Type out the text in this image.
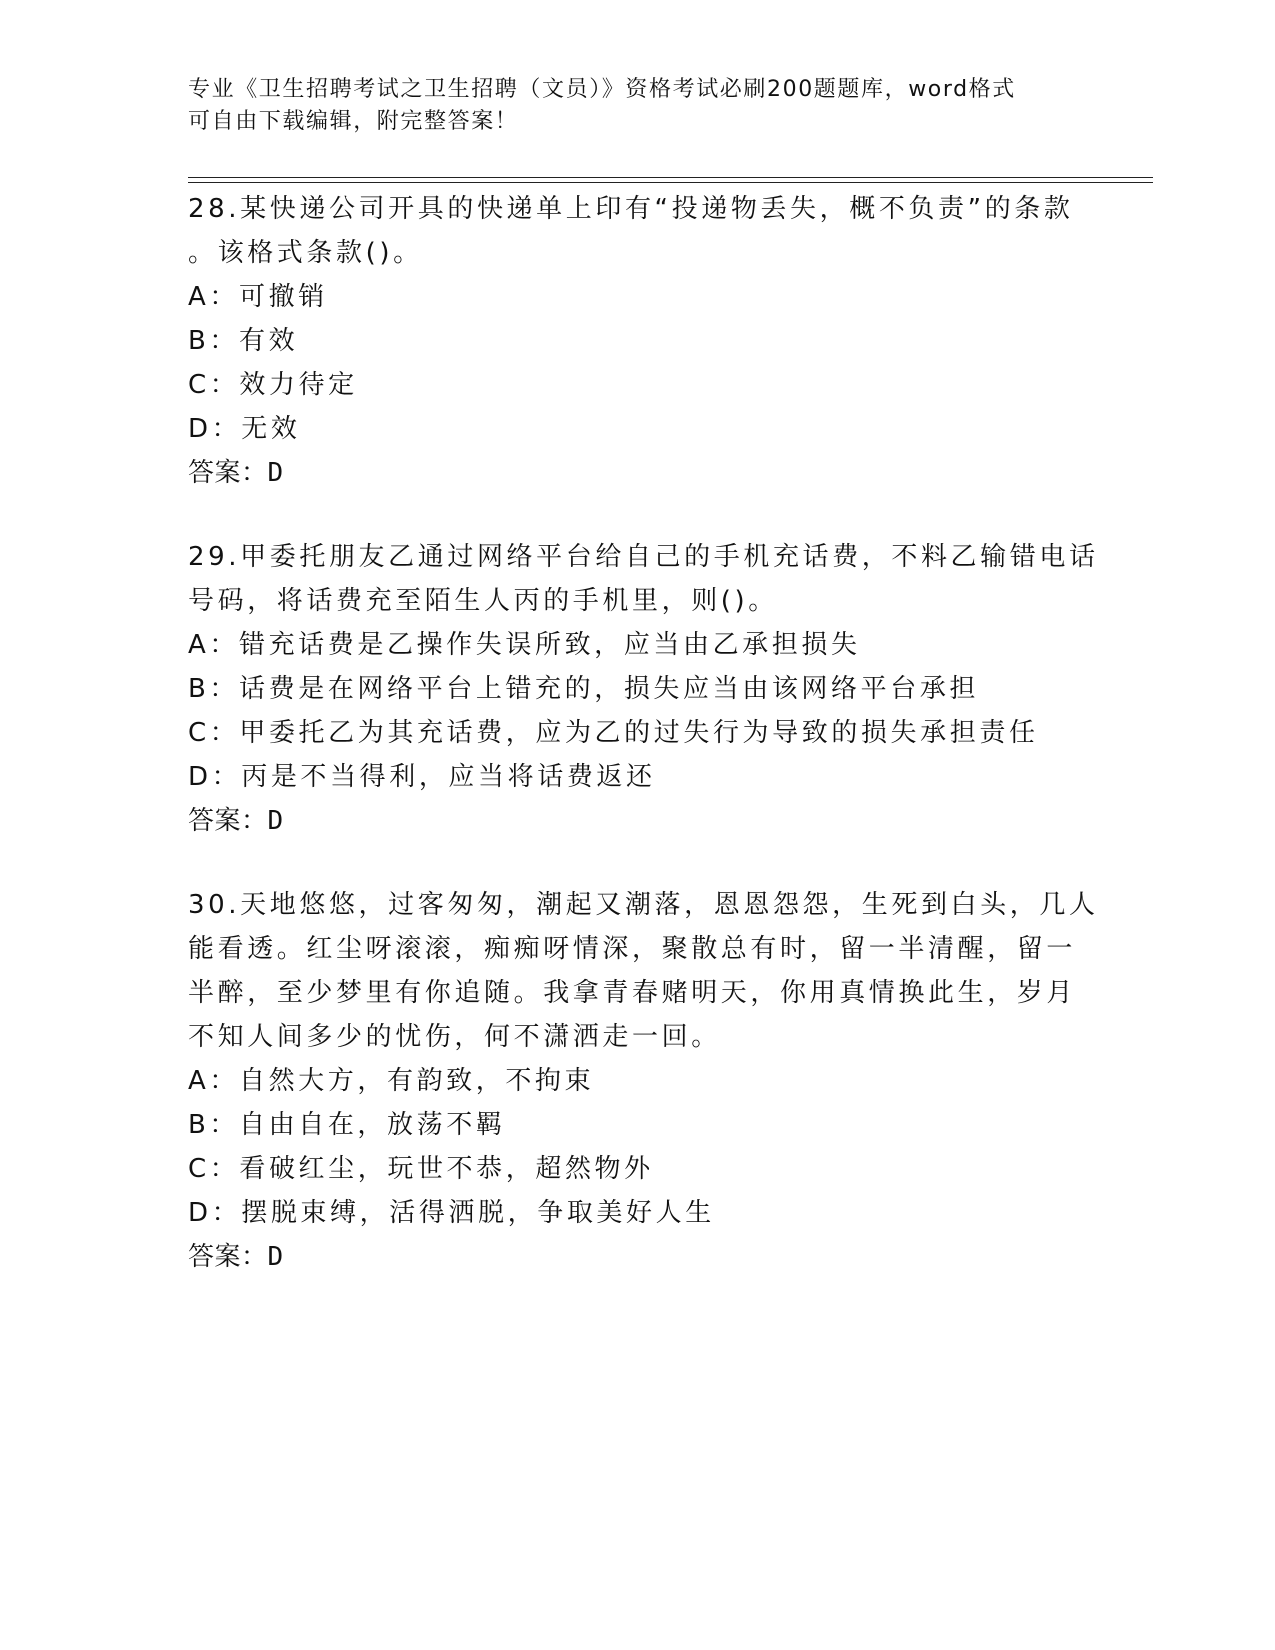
专业《卫生招聘考试之卫生招聘（文员）》资格考试必刷200题题库，word格式
可自由下载编辑，附完整答案！
28.某快递公司开具的快递单上印有“投递物丢失，概不负责”的条款
。该格式条款()。
A：可撤销
B：有效
C：效力待定
D：无效
答案：D
29.甲委托朋友乙通过网络平台给自己的手机充话费，不料乙输错电话
号码，将话费充至陌生人丙的手机里，则()。
A：错充话费是乙操作失误所致，应当由乙承担损失
B：话费是在网络平台上错充的，损失应当由该网络平台承担
C：甲委托乙为其充话费，应为乙的过失行为导致的损失承担责任
D：丙是不当得利，应当将话费返还
答案：D
30.天地悠悠，过客匆匆，潮起又潮落，恩恩怨怨，生死到白头，几人
能看透。红尘呀滚滚，痴痴呀情深，聚散总有时，留一半清醒，留一
半醉，至少梦里有你追随。我拿青春赌明天，你用真情换此生，岁月
不知人间多少的忧伤，何不潇洒走一回。
A：自然大方，有韵致，不拘束
B：自由自在，放荡不羁
C：看破红尘，玩世不恭，超然物外
D：摆脱束缚，活得洒脱，争取美好人生
答案：D
